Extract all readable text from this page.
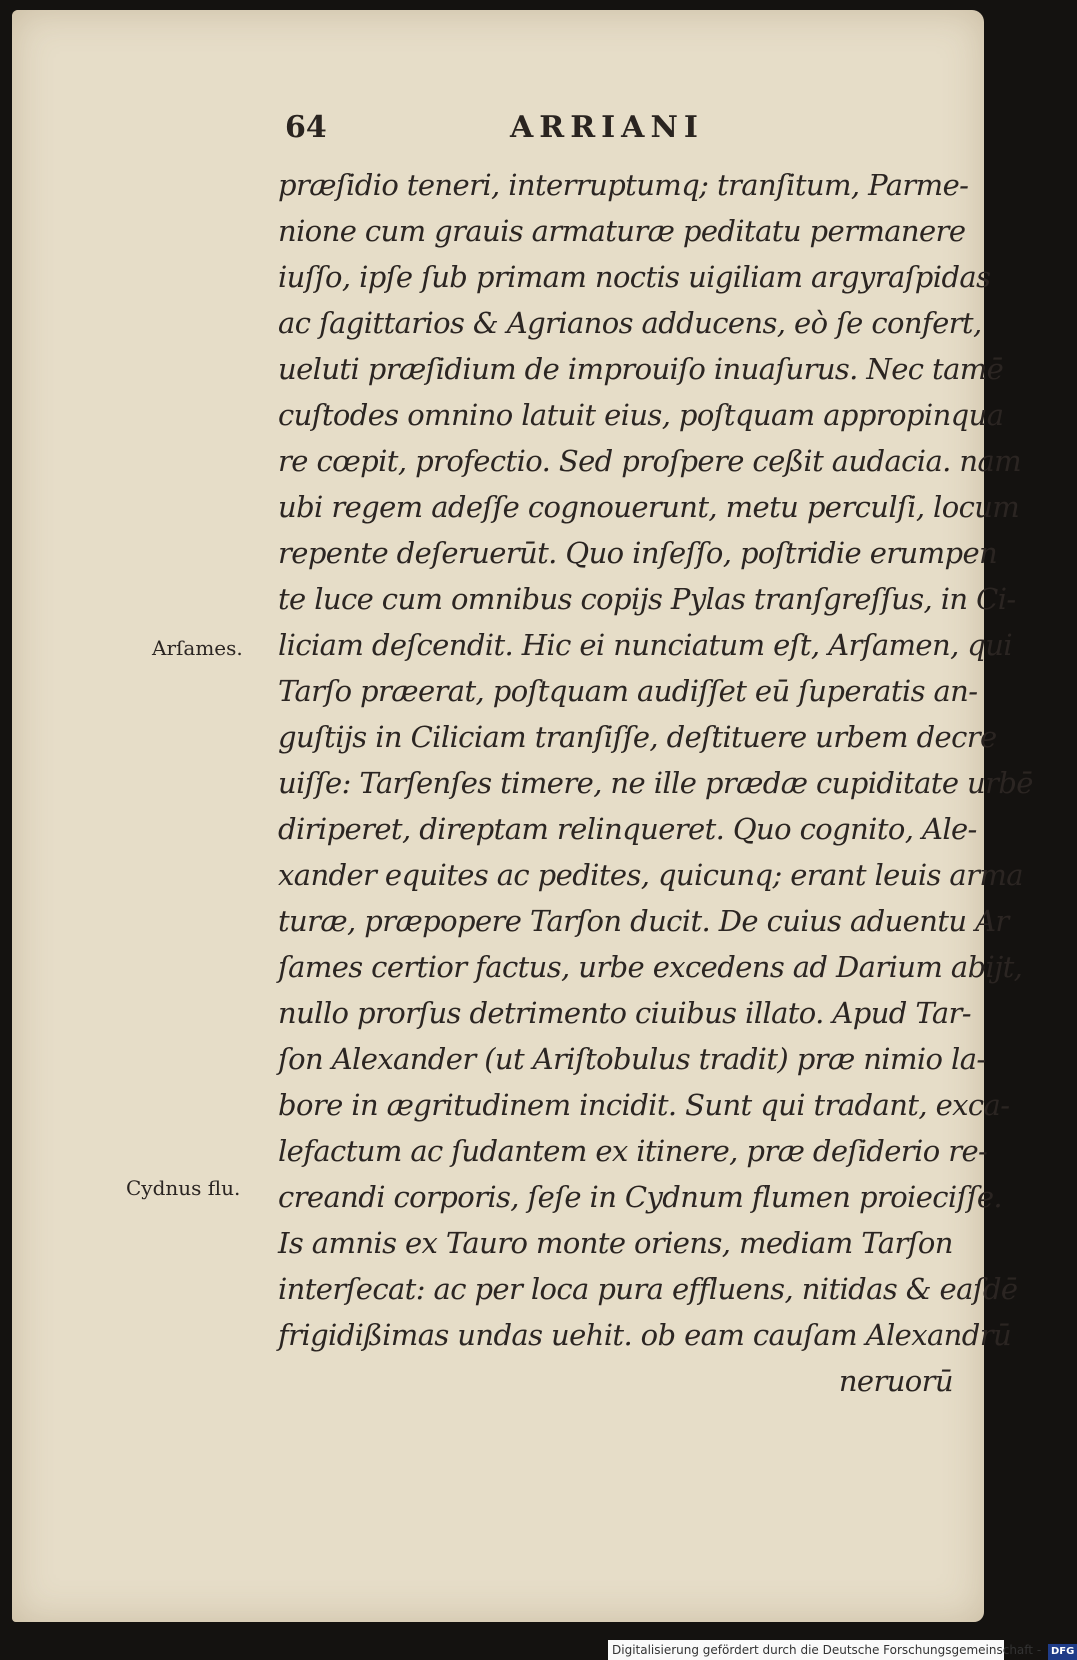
64	ARRIANI
præſidio teneri, interruptumq; tranſitum, Parme-
nione cum grauis armaturæ peditatu permanere
iuſſo, ipſe ſub primam noctis uigiliam argyraſpidas
ac ſagittarios & Agrianos adducens, eò ſe confert,
ueluti præſidium de improuiſo inuaſurus. Nec tamē
cuſtodes omnino latuit eius, poſtquam appropinqua
re cœpit, profectio. Sed proſpere ceßit audacia. nam
ubi regem adeſſe cognouerunt, metu perculſi, locum
repente deſeruerūt. Quo inſeſſo, poſtridie erumpen
te luce cum omnibus copijs Pylas tranſgreſſus, in Ci-
liciam deſcendit. Hic ei nunciatum eſt, Arſamen, qui
Tarſo præerat, poſtquam audiſſet eū ſuperatis an-
guſtijs in Ciliciam tranſiſſe, deſtituere urbem decre
uiſſe: Tarſenſes timere, ne ille prædæ cupiditate urbē
diriperet, direptam relinqueret. Quo cognito, Ale-
xander equites ac pedites, quicunq; erant leuis arma
turæ, præpopere Tarſon ducit. De cuius aduentu Ar
ſames certior factus, urbe excedens ad Darium abijt,
nullo prorſus detrimento ciuibus illato. Apud Tar-
ſon Alexander (ut Ariſtobulus tradit) præ nimio la-
bore in ægritudinem incidit. Sunt qui tradant, exca-
lefactum ac ſudantem ex itinere, præ deſiderio re-
creandi corporis, ſeſe in Cydnum flumen proieciſſe.
Is amnis ex Tauro monte oriens, mediam Tarſon
interſecat: ac per loca pura effluens, nitidas & eaſdē
frigidißimas undas uehit. ob eam cauſam Alexandrū
neruorū
Arſames.
Cydnus flu.
Digitalisierung gefördert durch die Deutsche Forschungsgemeinschaft - DFG
